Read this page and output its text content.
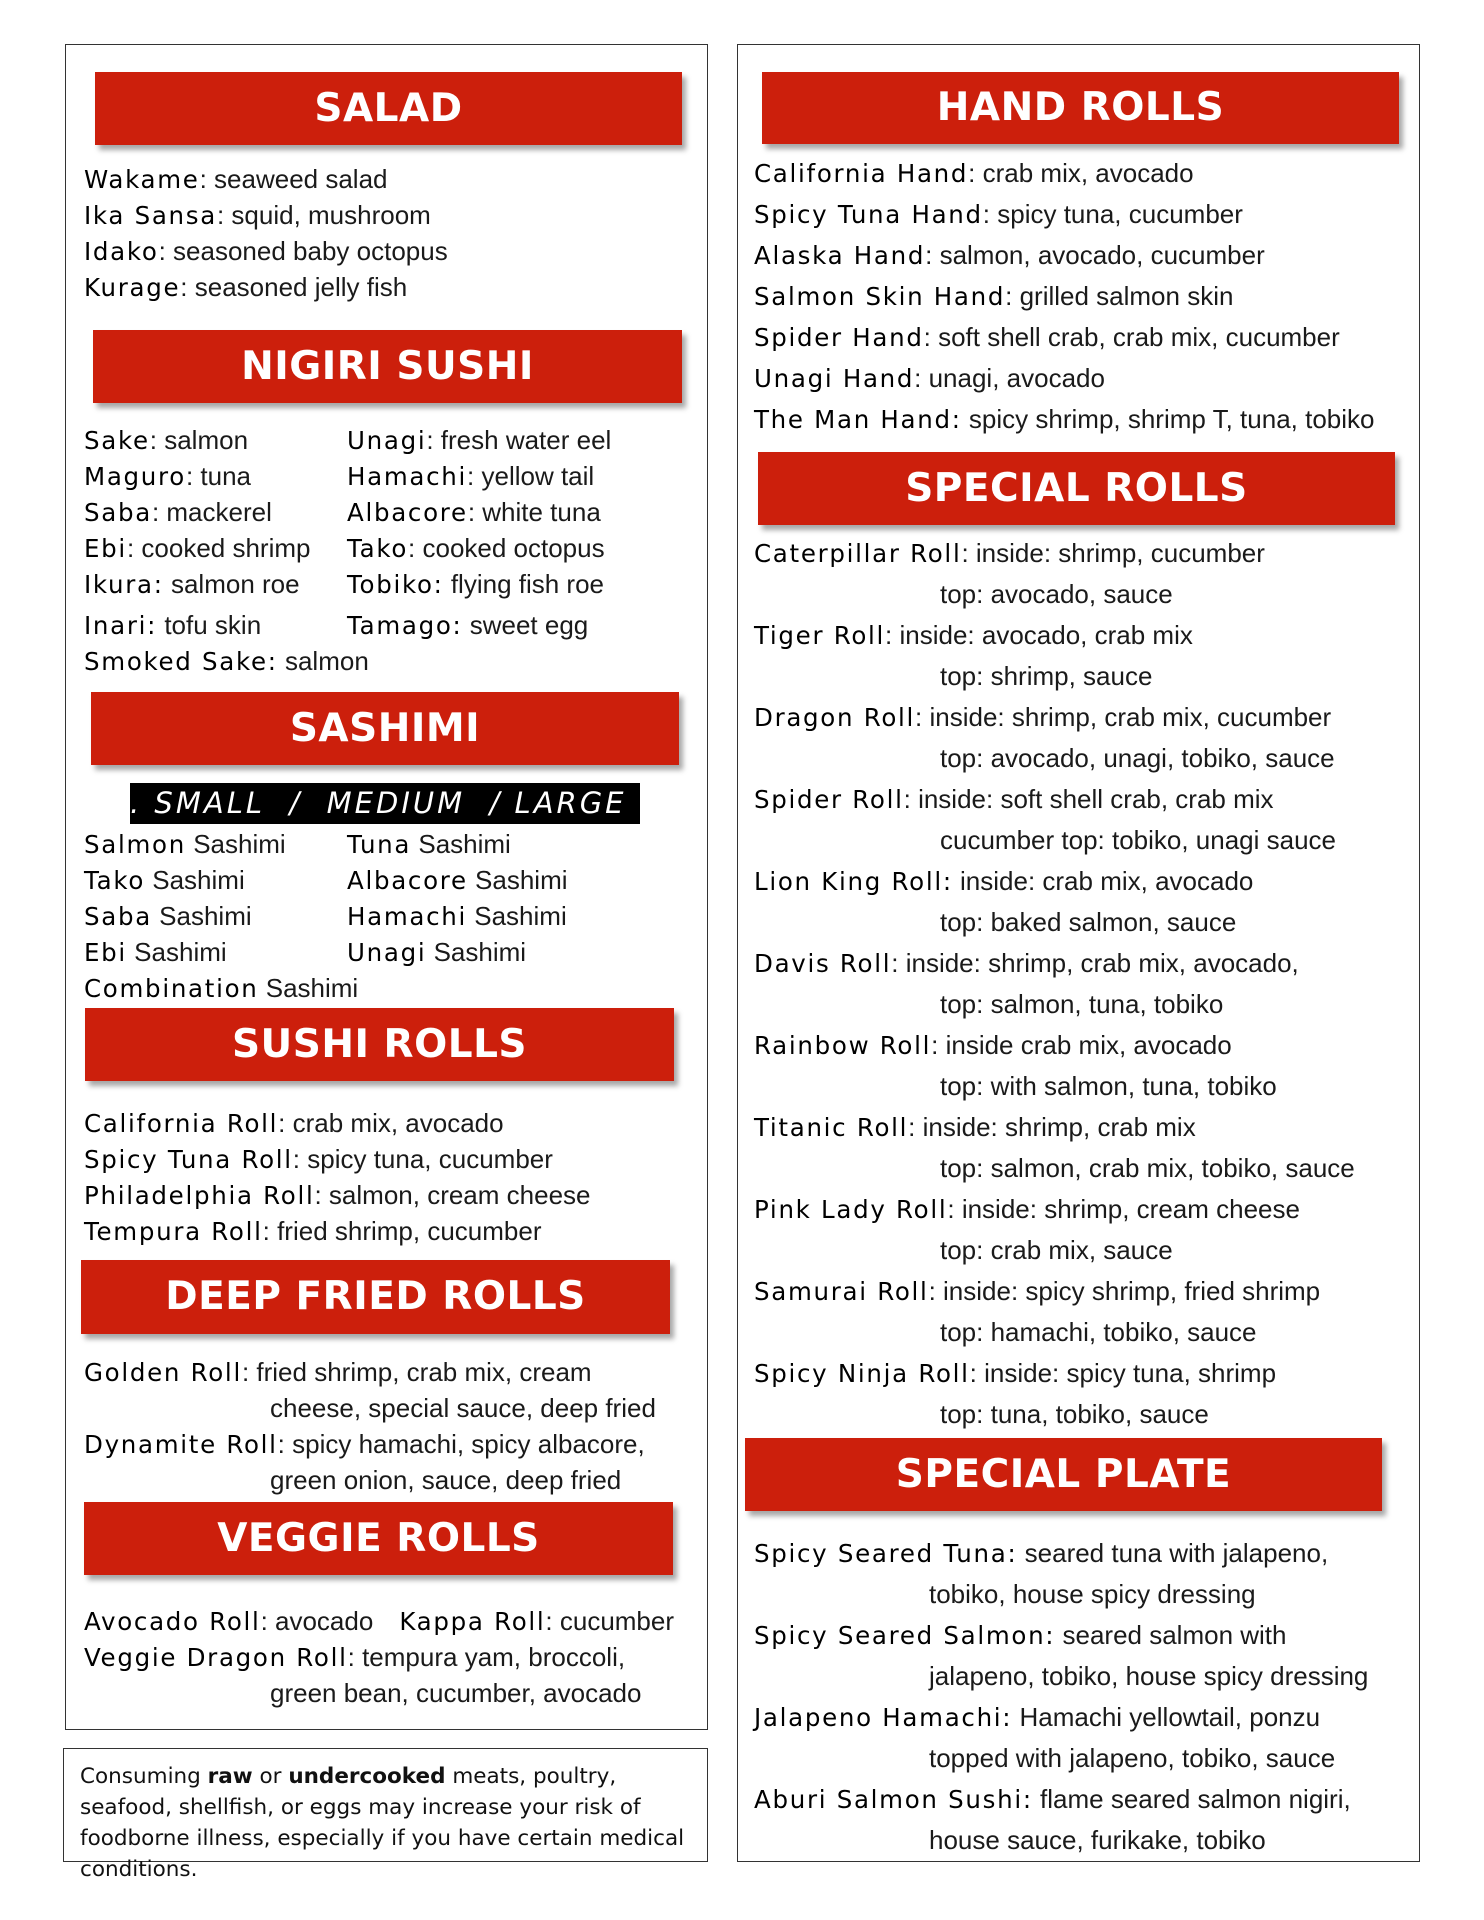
SALAD
Wakame: seaweed salad
Ika Sansa: squid, mushroom
Idako: seasoned baby octopus
Kurage: seasoned jelly fish
NIGIRI SUSHI
Sake: salmon
Maguro: tuna
Saba: mackerel
Ebi: cooked shrimp
Ikura: salmon roe
Inari: tofu skin
Smoked Sake: salmon
Unagi: fresh water eel
Hamachi: yellow tail
Albacore: white tuna
Tako: cooked octopus
Tobiko: flying fish roe
Tamago: sweet egg
SASHIMI
. SMALL  /  MEDIUM  / LARGE  .
Salmon Sashimi
Tako Sashimi
Saba Sashimi
Ebi Sashimi
Combination Sashimi
Tuna Sashimi
Albacore Sashimi
Hamachi Sashimi
Unagi Sashimi
SUSHI ROLLS
California Roll: crab mix, avocado
Spicy Tuna Roll: spicy tuna, cucumber
Philadelphia Roll: salmon, cream cheese
Tempura Roll: fried shrimp, cucumber
DEEP FRIED ROLLS
Golden Roll: fried shrimp, crab mix, cream
cheese, special sauce, deep fried
Dynamite Roll: spicy hamachi, spicy albacore,
green onion, sauce, deep fried
VEGGIE ROLLS
Avocado Roll: avocado Kappa Roll: cucumber
Veggie Dragon Roll: tempura yam, broccoli,
green bean, cucumber, avocado
Consuming raw or undercooked meats, poultry, seafood, shellfish, or eggs may increase your risk of foodborne illness, especially if you have certain medical conditions.
HAND ROLLS
California Hand: crab mix, avocado
Spicy Tuna Hand: spicy tuna, cucumber
Alaska Hand: salmon, avocado, cucumber
Salmon Skin Hand: grilled salmon skin
Spider Hand: soft shell crab, crab mix, cucumber
Unagi Hand: unagi, avocado
The Man Hand: spicy shrimp, shrimp T, tuna, tobiko
SPECIAL ROLLS
Caterpillar Roll: inside: shrimp, cucumber
top: avocado, sauce
Tiger Roll: inside: avocado, crab mix
top: shrimp, sauce
Dragon Roll: inside: shrimp, crab mix, cucumber
top: avocado, unagi, tobiko, sauce
Spider Roll: inside: soft shell crab, crab mix
cucumber top: tobiko, unagi sauce
Lion King Roll: inside: crab mix, avocado
top: baked salmon, sauce
Davis Roll: inside: shrimp, crab mix, avocado,
top: salmon, tuna, tobiko
Rainbow Roll: inside crab mix, avocado
top: with salmon, tuna, tobiko
Titanic Roll: inside: shrimp, crab mix
top: salmon, crab mix, tobiko, sauce
Pink Lady Roll: inside: shrimp, cream cheese
top: crab mix, sauce
Samurai Roll: inside: spicy shrimp, fried shrimp
top: hamachi, tobiko, sauce
Spicy Ninja Roll: inside: spicy tuna, shrimp
top: tuna, tobiko, sauce
SPECIAL PLATE
Spicy Seared Tuna: seared tuna with jalapeno,
tobiko, house spicy dressing
Spicy Seared Salmon: seared salmon with
jalapeno, tobiko, house spicy dressing
Jalapeno Hamachi: Hamachi yellowtail, ponzu
topped with jalapeno, tobiko, sauce
Aburi Salmon Sushi: flame seared salmon nigiri,
house sauce, furikake, tobiko
